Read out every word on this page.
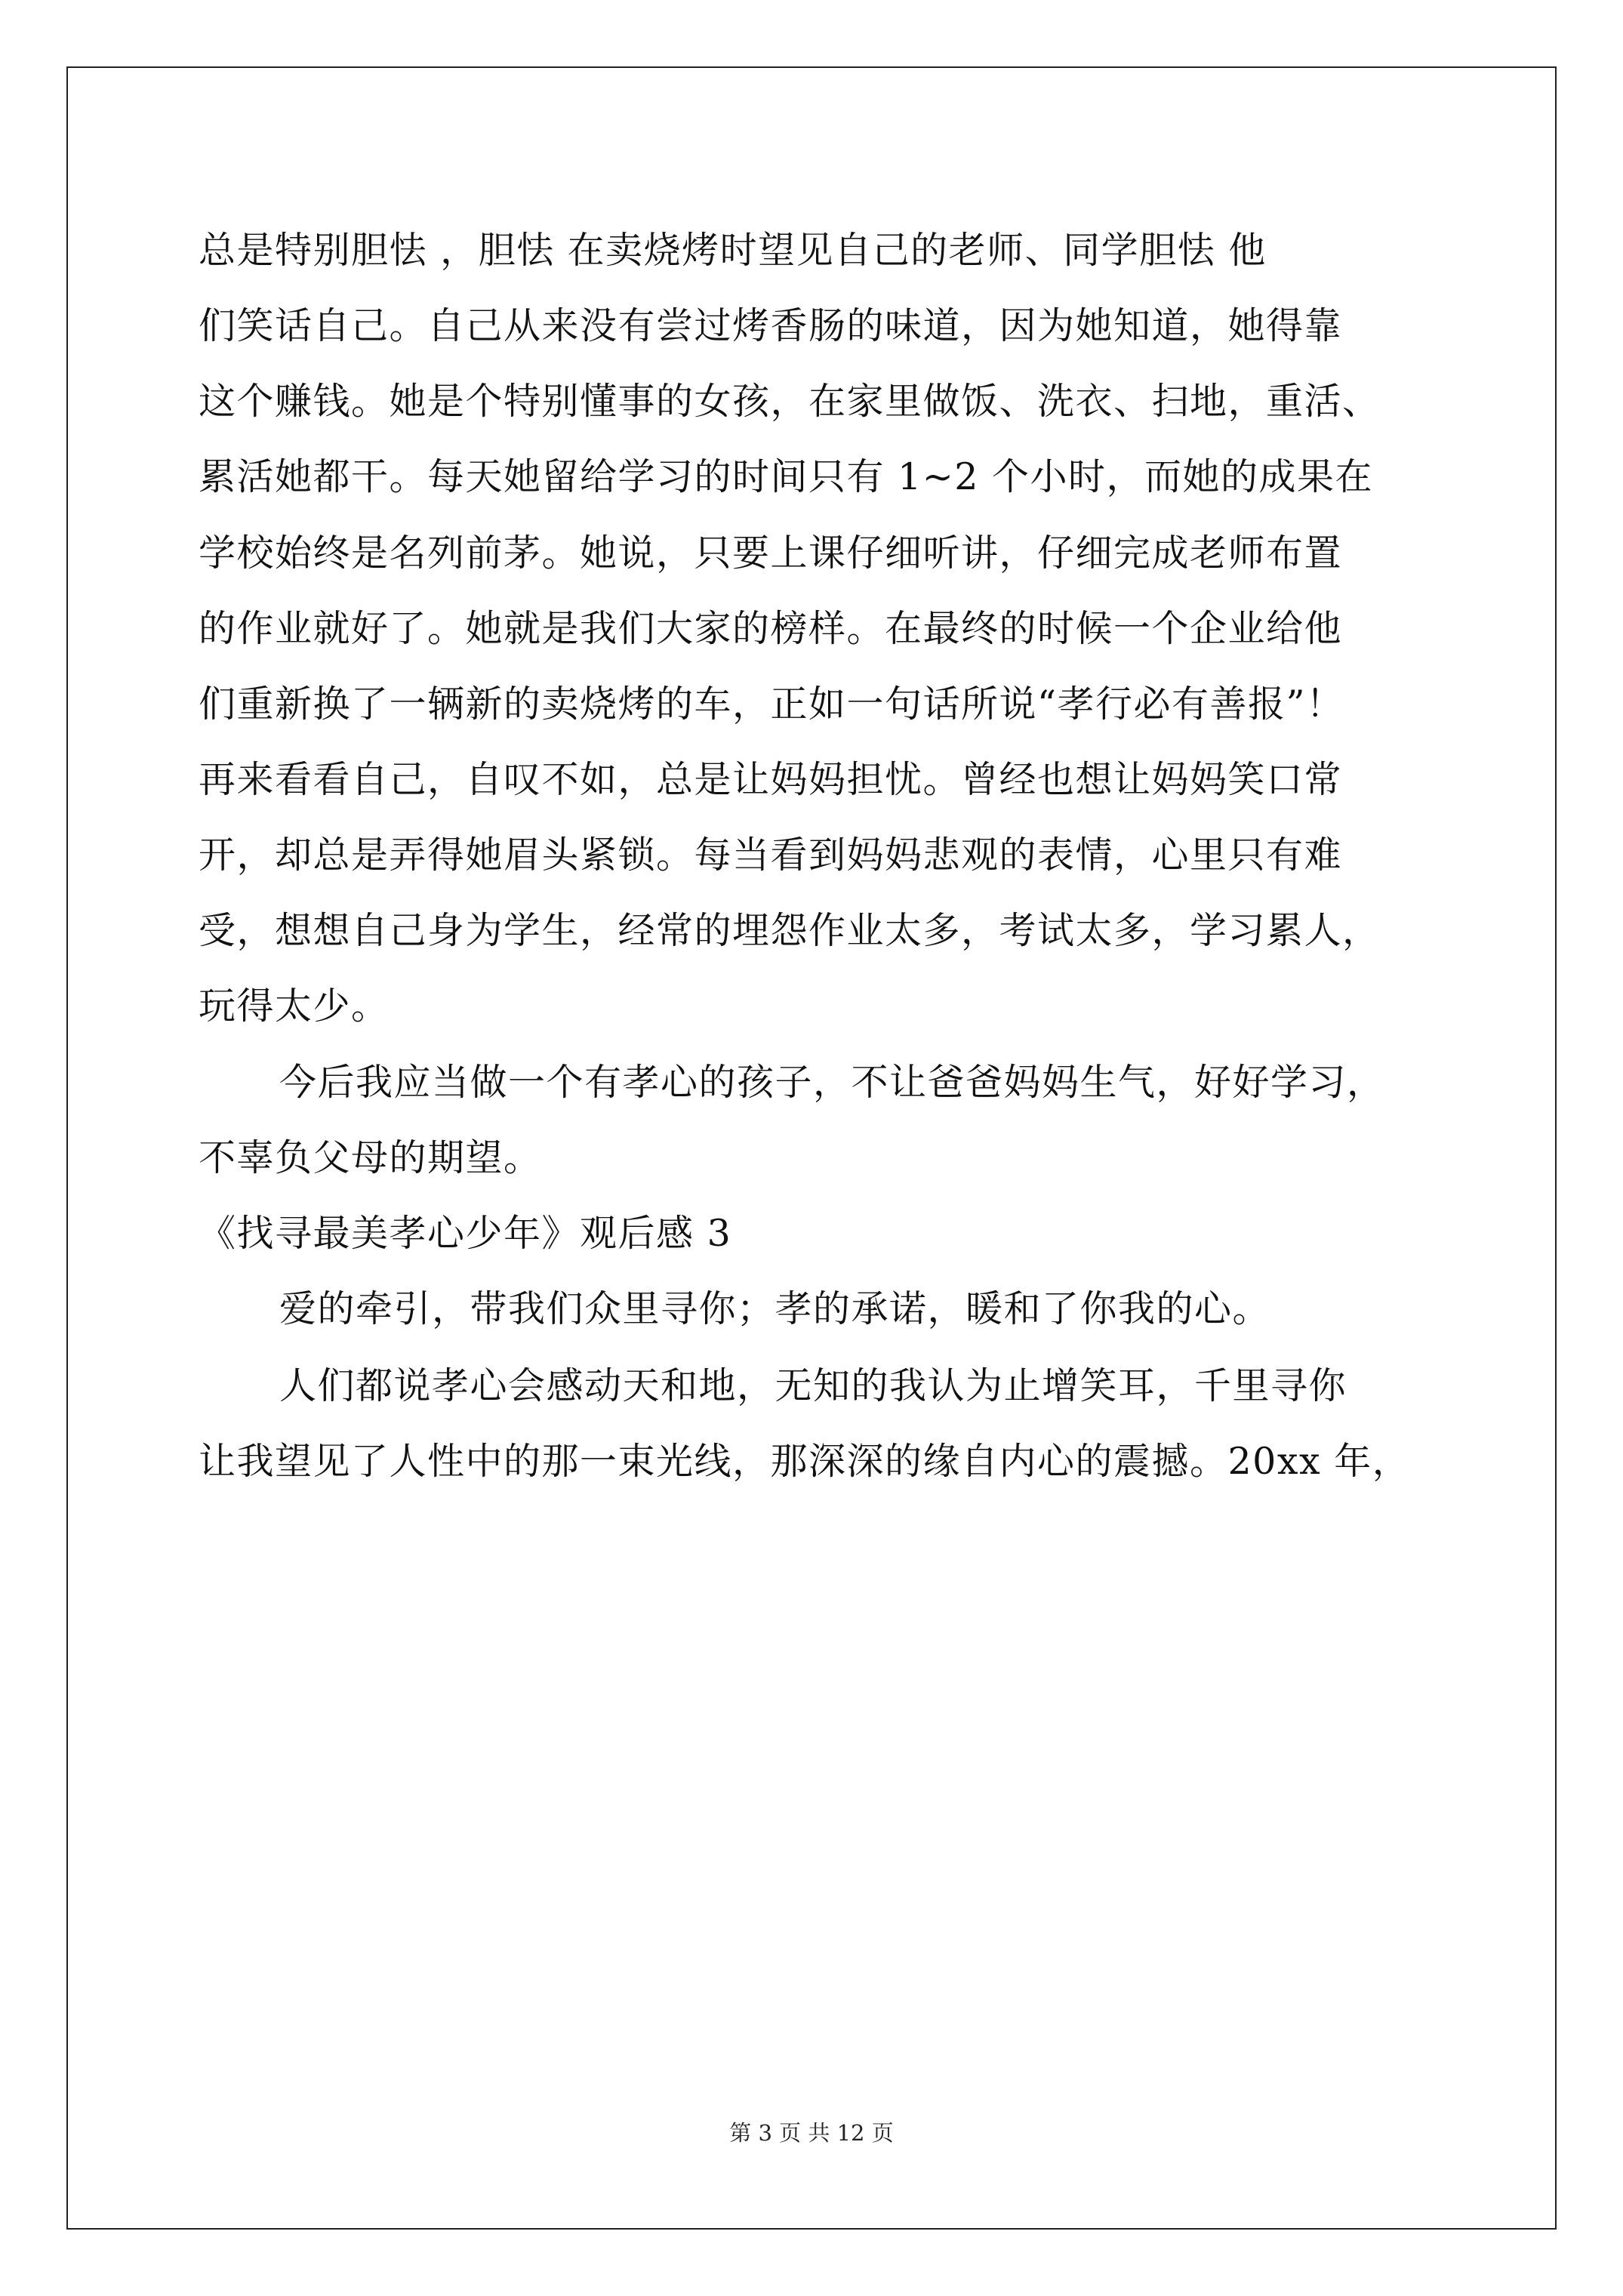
总是特别胆怯 ，胆怯 在卖烧烤时望见自己的老师、同学胆怯 他
们笑话自己。自己从来没有尝过烤香肠的味道，因为她知道，她得靠
这个赚钱。她是个特别懂事的女孩，在家里做饭、洗衣、扫地，重活、
累活她都干。每天她留给学习的时间只有 1~2 个小时，而她的成果在
学校始终是名列前茅。她说，只要上课仔细听讲，仔细完成老师布置
的作业就好了。她就是我们大家的榜样。在最终的时候一个企业给他
们重新换了一辆新的卖烧烤的车，正如一句话所说“孝行必有善报”！
再来看看自己，自叹不如，总是让妈妈担忧。曾经也想让妈妈笑口常
开，却总是弄得她眉头紧锁。每当看到妈妈悲观的表情，心里只有难
受，想想自己身为学生，经常的埋怨作业太多，考试太多，学习累人，
玩得太少。
今后我应当做一个有孝心的孩子，不让爸爸妈妈生气，好好学习，
不辜负父母的期望。
《找寻最美孝心少年》观后感 3
爱的牵引，带我们众里寻你；孝的承诺，暖和了你我的心。
人们都说孝心会感动天和地，无知的我认为止增笑耳，千里寻你
让我望见了人性中的那一束光线，那深深的缘自内心的震撼。20xx 年，
第 3 页 共 12 页
